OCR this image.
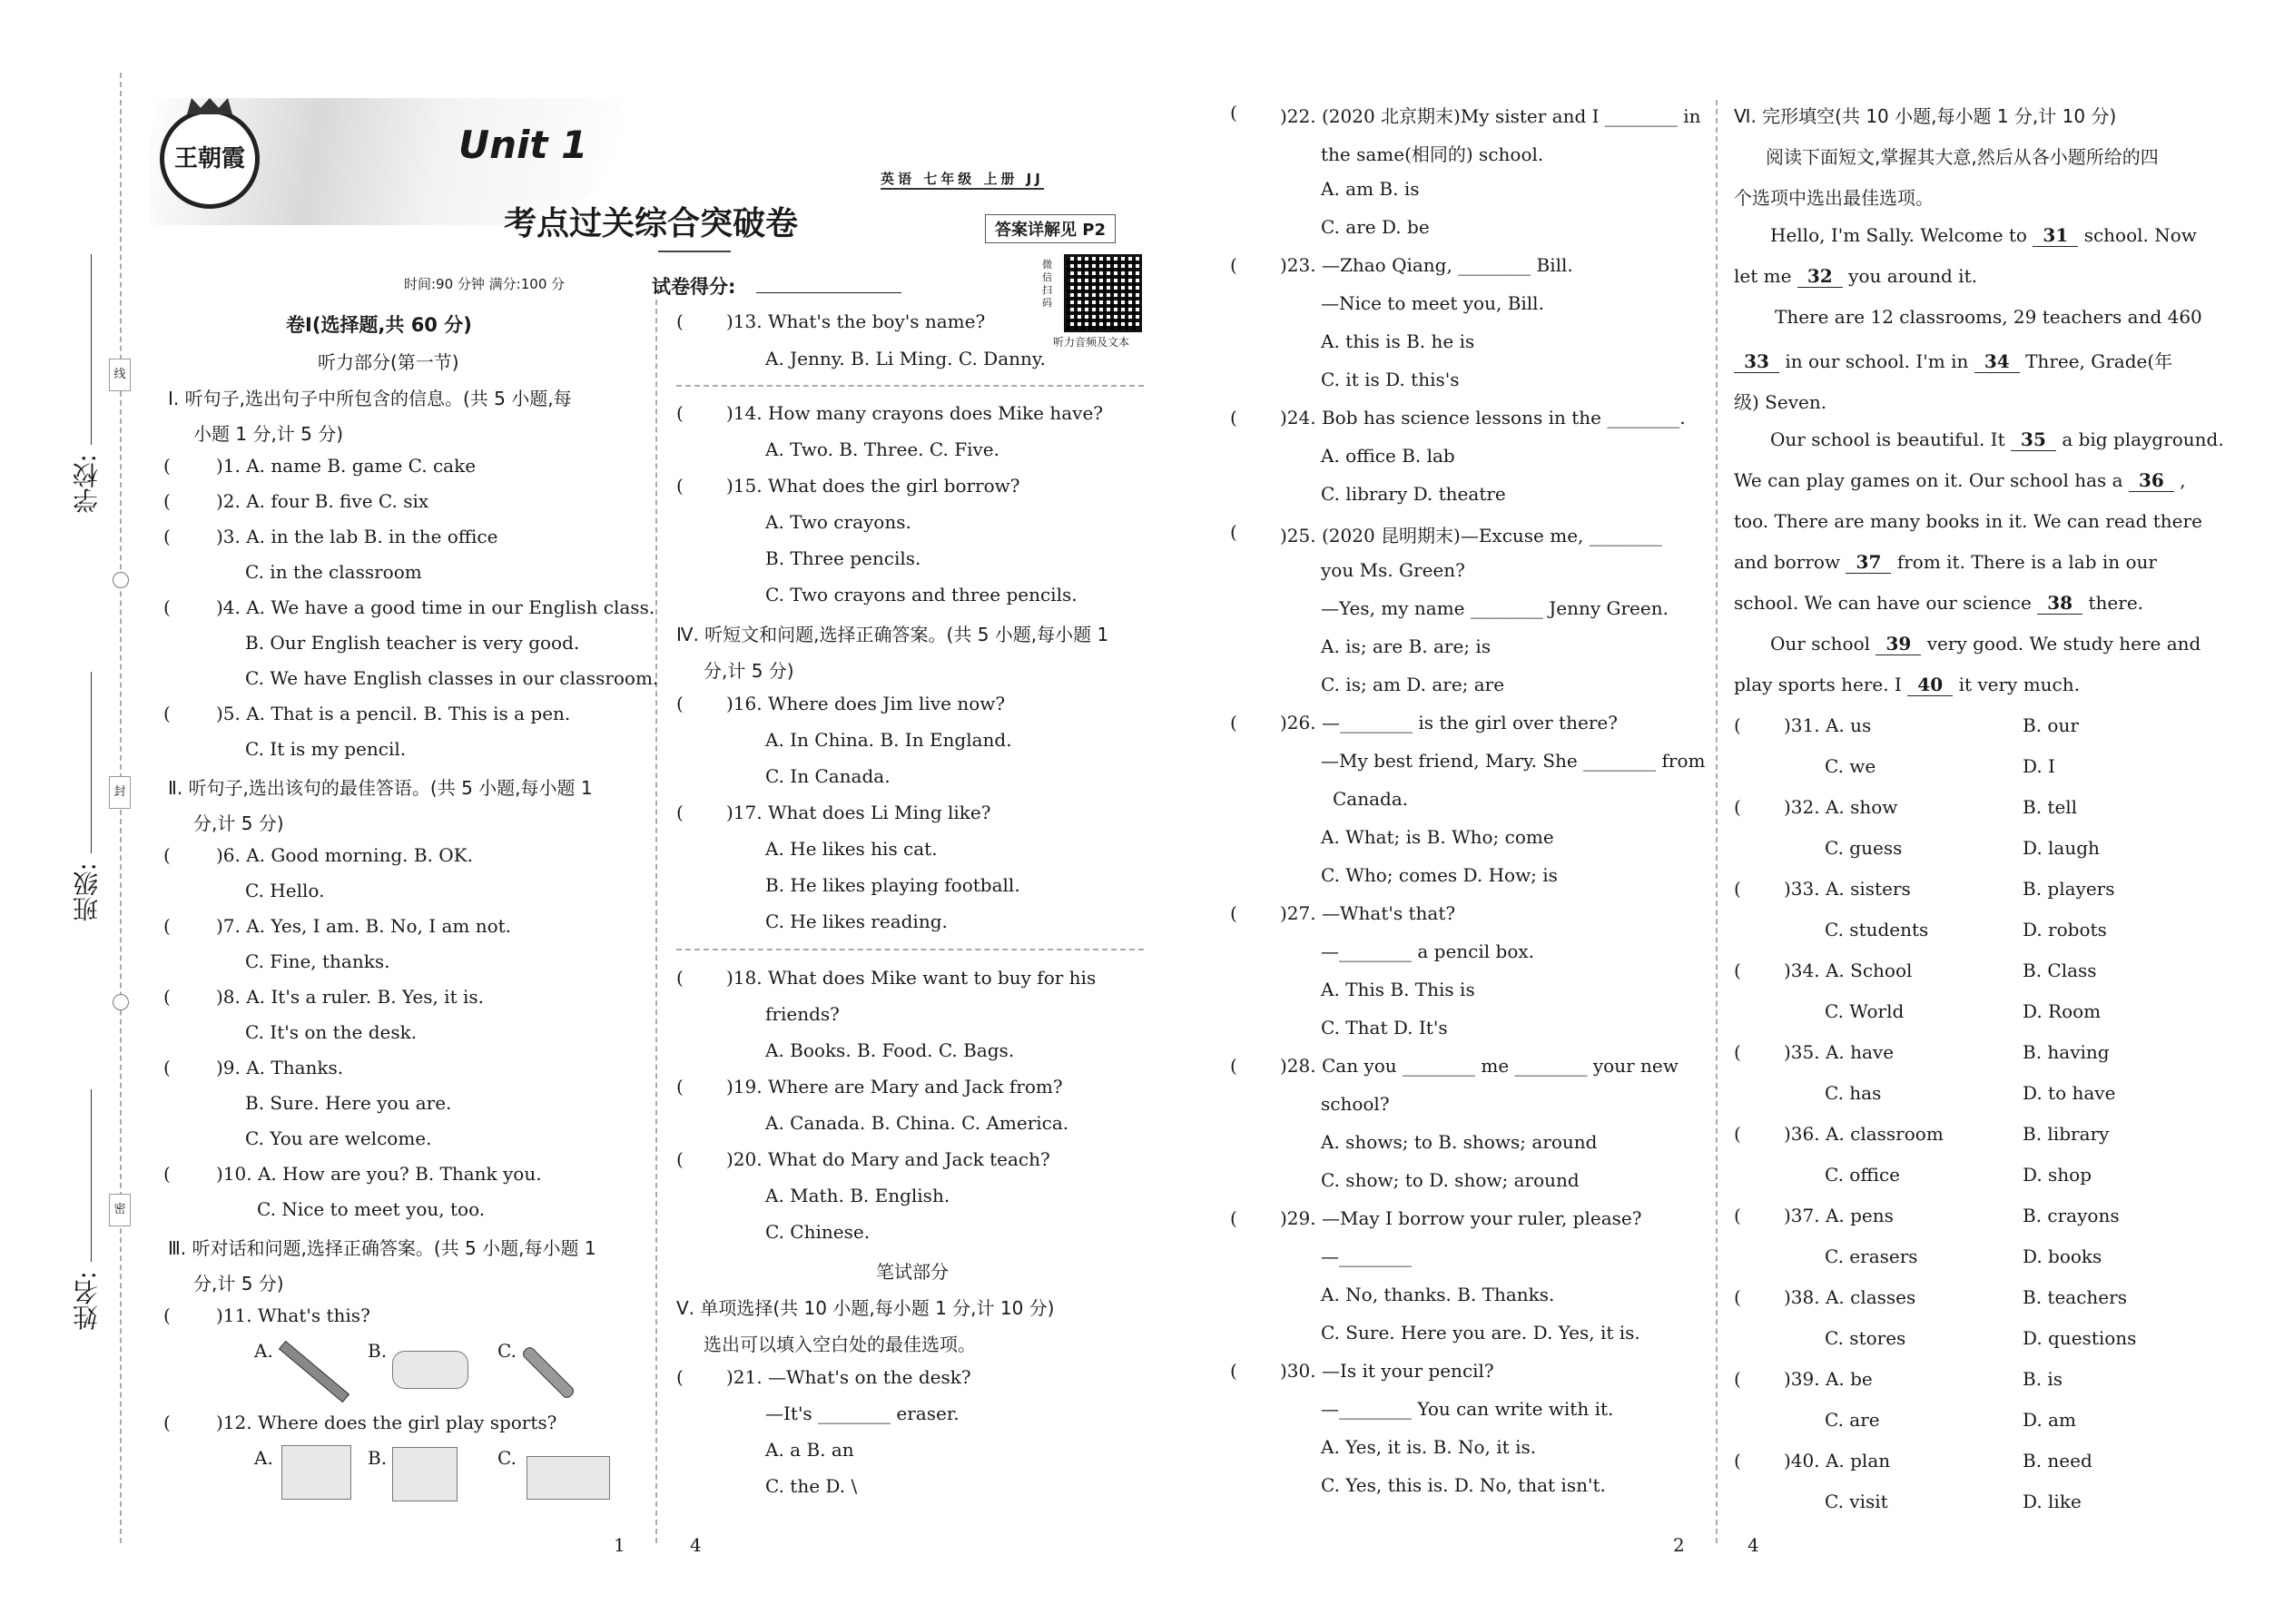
学校:
班级:
姓名:
线
封
密
王朝霞	Unit 1
考点过关综合突破卷
英语 七年级 上册 JJ
答案详解见 P2
时间:90 分钟 满分:100 分	试卷得分:
微信扫码
听力音频及文本
卷Ⅰ(选择题,共 60 分)
听力部分(第一节)
Ⅰ. 听句子,选出句子中所包含的信息。(共 5 小题,每
小题 1 分,计 5 分)
(	)1. A. name B. game C. cake
(	)2. A. four B. five C. six
(	)3. A. in the lab B. in the office
C. in the classroom
(	)4. A. We have a good time in our English class.
B. Our English teacher is very good.
C. We have English classes in our classroom.
(	)5. A. That is a pencil. B. This is a pen.
C. It is my pencil.
Ⅱ. 听句子,选出该句的最佳答语。(共 5 小题,每小题 1
分,计 5 分)
(	)6. A. Good morning. B. OK.
C. Hello.
(	)7. A. Yes, I am. B. No, I am not.
C. Fine, thanks.
(	)8. A. It's a ruler. B. Yes, it is.
C. It's on the desk.
(	)9. A. Thanks.
B. Sure. Here you are.
C. You are welcome.
(	)10. A. How are you? B. Thank you.
C. Nice to meet you, too.
Ⅲ. 听对话和问题,选择正确答案。(共 5 小题,每小题 1
分,计 5 分)
(	)11. What's this?
A.	B.	C.
(	)12. Where does the girl play sports?
A.	B.	C.
( )13. What's the boy's name?
A. Jenny. B. Li Ming. C. Danny.
( )14. How many crayons does Mike have?
A. Two. B. Three. C. Five.
( )15. What does the girl borrow?
A. Two crayons.
B. Three pencils.
C. Two crayons and three pencils.
Ⅳ. 听短文和问题,选择正确答案。(共 5 小题,每小题 1
分,计 5 分)
( )16. Where does Jim live now?
A. In China. B. In England.
C. In Canada.
( )17. What does Li Ming like?
A. He likes his cat.
B. He likes playing football.
C. He likes reading.
( )18. What does Mike want to buy for his
friends?
A. Books. B. Food. C. Bags.
( )19. Where are Mary and Jack from?
A. Canada. B. China. C. America.
( )20. What do Mary and Jack teach?
A. Math. B. English.
C. Chinese.
笔试部分
Ⅴ. 单项选择(共 10 小题,每小题 1 分,计 10 分)
选出可以填入空白处的最佳选项。
( )21. —What's on the desk?
—It's ________ eraser.
A. a B. an
C. the D. \
( )22. (2020 北京期末)My sister and I ________ in
the same(相同的) school.
A. am B. is
C. are D. be
( )23. —Zhao Qiang, ________ Bill.
—Nice to meet you, Bill.
A. this is B. he is
C. it is D. this's
( )24. Bob has science lessons in the ________.
A. office B. lab
C. library D. theatre
( )25. (2020 昆明期末)—Excuse me, ________
you Ms. Green?
—Yes, my name ________ Jenny Green.
A. is; are B. are; is
C. is; am D. are; are
( )26. —________ is the girl over there?
—My best friend, Mary. She ________ from
Canada.
A. What; is B. Who; come
C. Who; comes D. How; is
( )27. —What's that?
—________ a pencil box.
A. This B. This is
C. That D. It's
( )28. Can you ________ me ________ your new
school?
A. shows; to B. shows; around
C. show; to D. show; around
( )29. —May I borrow your ruler, please?
—________
A. No, thanks. B. Thanks.
C. Sure. Here you are. D. Yes, it is.
( )30. —Is it your pencil?
—________ You can write with it.
A. Yes, it is. B. No, it is.
C. Yes, this is. D. No, that isn't.
Ⅵ. 完形填空(共 10 小题,每小题 1 分,计 10 分)
阅读下面短文,掌握其大意,然后从各小题所给的四
个选项中选出最佳选项。
Hello, I'm Sally. Welcome to 31 school. Now
let me 32 you around it.
There are 12 classrooms, 29 teachers and 460
33 in our school. I'm in 34 Three, Grade(年
级) Seven.
Our school is beautiful. It 35 a big playground.
We can play games on it. Our school has a 36 ,
too. There are many books in it. We can read there
and borrow 37 from it. There is a lab in our
school. We can have our science 38 there.
Our school 39 very good. We study here and
play sports here. I 40 it very much.
( )31. A. us	B. our
C. we	D. I
( )32. A. show	B. tell
C. guess	D. laugh
( )33. A. sisters	B. players
C. students	D. robots
( )34. A. School	B. Class
C. World	D. Room
( )35. A. have	B. having
C. has	D. to have
( )36. A. classroom	B. library
C. office	D. shop
( )37. A. pens	B. crayons
C. erasers	D. books
( )38. A. classes	B. teachers
C. stores	D. questions
( )39. A. be	B. is
C. are	D. am
( )40. A. plan	B. need
C. visit	D. like
1	4	2	4
